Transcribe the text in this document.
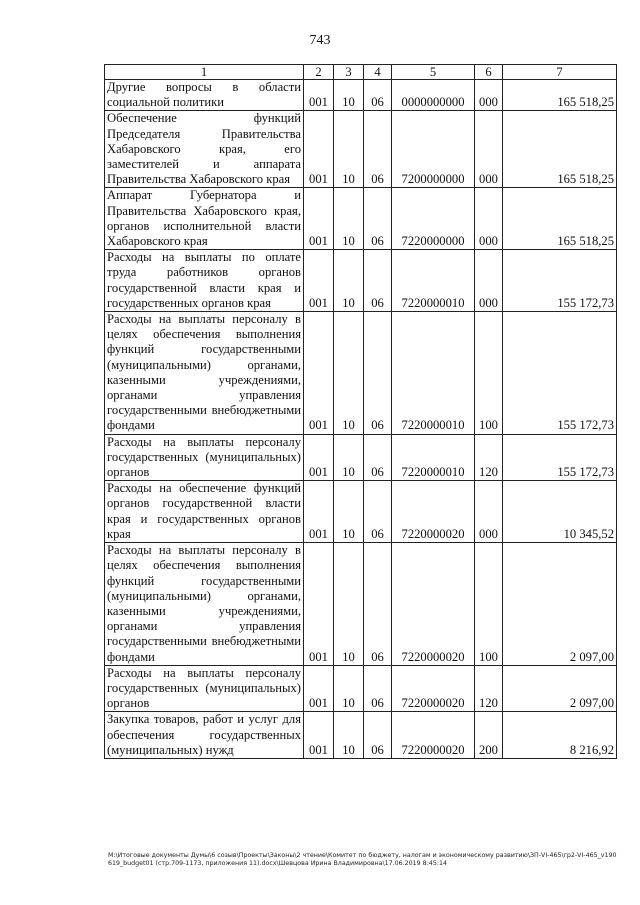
743
1	2	3	4	5	6	7
Другие вопросы в области социальной политики	001	10	06	0000000000	000	165 518,25
Обеспечение функций Председателя Правительства Хабаровского края, его заместителей и аппарата Правительства Хабаровского края	001	10	06	7200000000	000	165 518,25
Аппарат Губернатора и Правительства Хабаровского края, органов исполнительной власти Хабаровского края	001	10	06	7220000000	000	165 518,25
Расходы на выплаты по оплате труда работников органов государственной власти края и государственных органов края	001	10	06	7220000010	000	155 172,73
Расходы на выплаты персоналу в целях обеспечения выполнения функций государственными (муниципальными) органами, казенными учреждениями, органами управления государственными внебюджетными фондами	001	10	06	7220000010	100	155 172,73
Расходы на выплаты персоналу государственных (муниципальных) органов	001	10	06	7220000010	120	155 172,73
Расходы на обеспечение функций органов государственной власти края и государственных органов края	001	10	06	7220000020	000	10 345,52
Расходы на выплаты персоналу в целях обеспечения выполнения функций государственными (муниципальными) органами, казенными учреждениями, органами управления государственными внебюджетными фондами	001	10	06	7220000020	100	2 097,00
Расходы на выплаты персоналу государственных (муниципальных) органов	001	10	06	7220000020	120	2 097,00
Закупка товаров, работ и услуг для обеспечения государственных (муниципальных) нужд	001	10	06	7220000020	200	8 216,92
М:\Итоговые документы Думы\6 созыв\Проекты\Законы\2 чтение\Комитет по бюджету, налогам и экономическому развитию\ЗП-VI-465\гр2-VI-465_v190619_budget01 (стр.709-1173, приложения 11).docx\Шевцова Ирина Владимировна\17.06.2019 8:45:14
